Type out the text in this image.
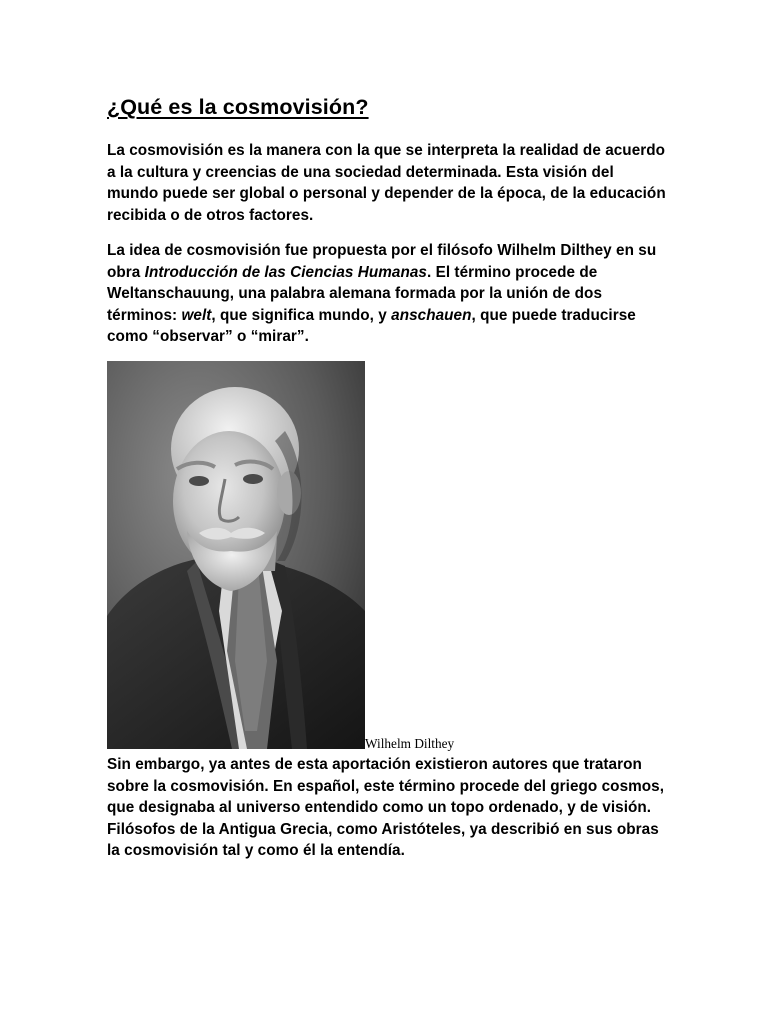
¿Qué es la cosmovisión?

La cosmovisión es la manera con la que se interpreta la realidad de acuerdo a la cultura y creencias de una sociedad determinada. Esta visión del mundo puede ser global o personal y depender de la época, de la educación recibida o de otros factores.

La idea de cosmovisión fue propuesta por el filósofo Wilhelm Dilthey en su obra Introducción de las Ciencias Humanas. El término procede de Weltanschauung, una palabra alemana formada por la unión de dos términos: welt, que significa mundo, y anschauen, que puede traducirse como “observar” o “mirar”.

Wilhelm Dilthey

Sin embargo, ya antes de esta aportación existieron autores que trataron sobre la cosmovisión. En español, este término procede del griego cosmos, que designaba al universo entendido como un topo ordenado, y de visión. Filósofos de la Antigua Grecia, como Aristóteles, ya describió en sus obras la cosmovisión tal y como él la entendía.
